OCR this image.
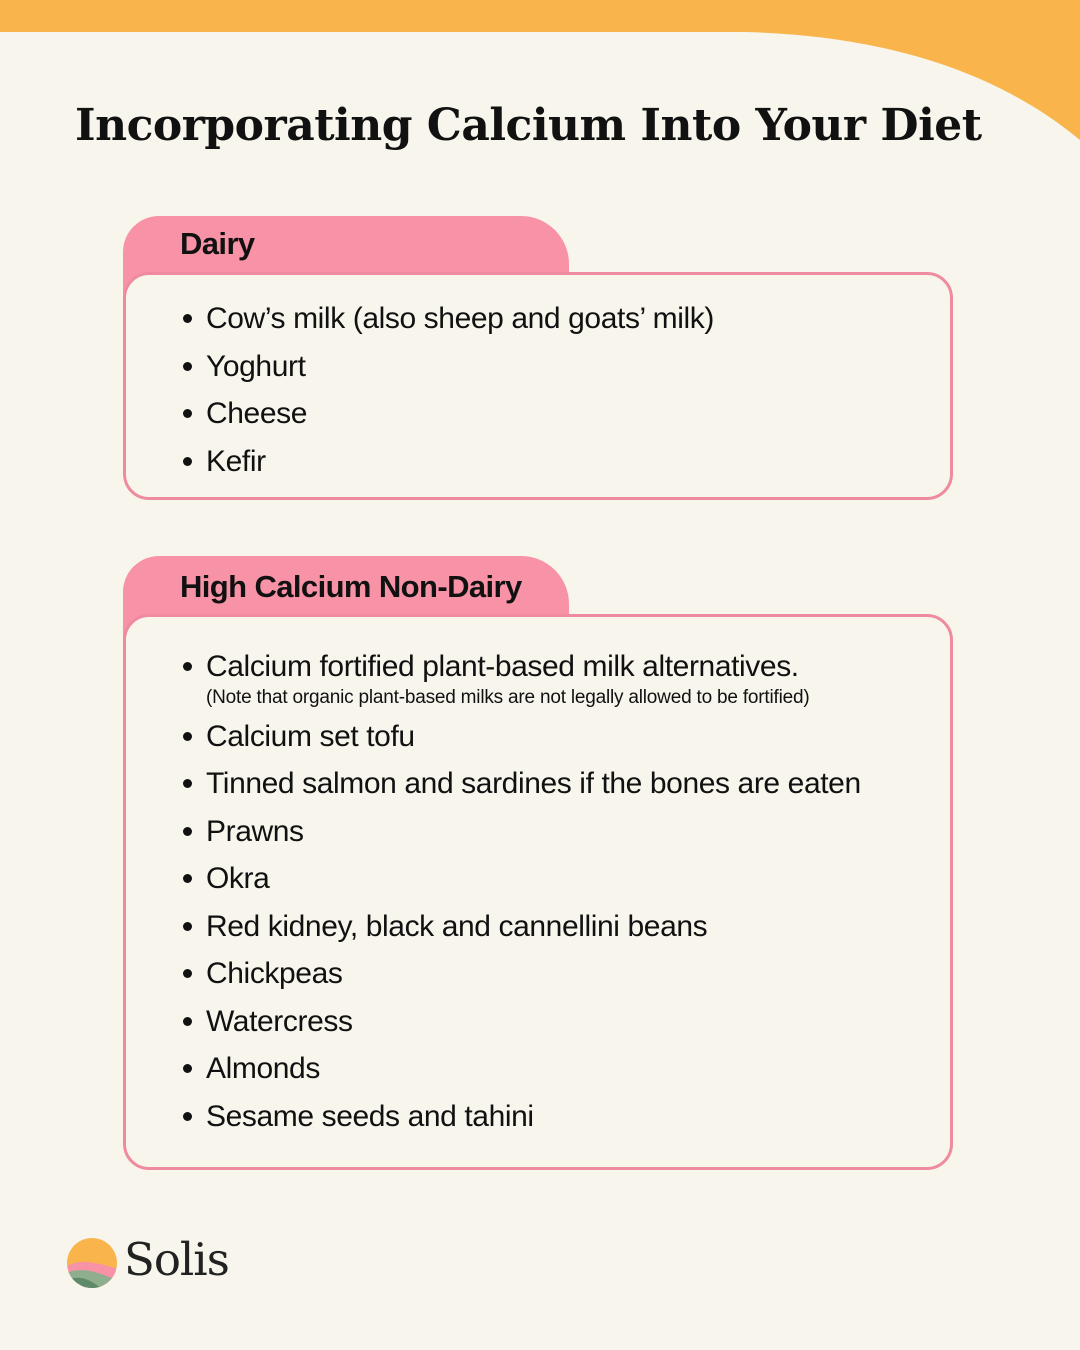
Incorporating Calcium Into Your Diet
Dairy
Cow’s milk (also sheep and goats’ milk)
Yoghurt
Cheese
Kefir
High Calcium Non-Dairy
Calcium fortified plant-based milk alternatives.
(Note that organic plant-based milks are not legally allowed to be fortified)
Calcium set tofu
Tinned salmon and sardines if the bones are eaten
Prawns
Okra
Red kidney, black and cannellini beans
Chickpeas
Watercress
Almonds
Sesame seeds and tahini
Solis
